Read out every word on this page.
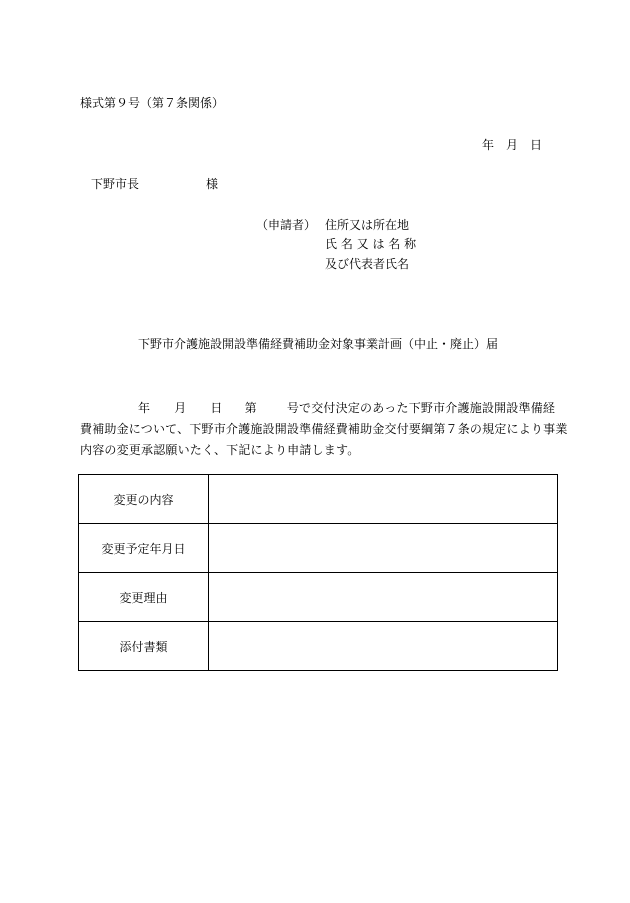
様式第９号（第７条関係）
年 月 日
下野市長	様
（申請者） 住所又は所在地
氏 名 又 は 名 称
及び代表者氏名
下野市介護施設開設準備経費補助金対象事業計画（中止・廃止）届
年 月 日 第	号で交付決定のあった下野市介護施設開設準備経
費補助金について、下野市介護施設開設準備経費補助金交付要綱第７条の規定により事業
内容の変更承認願いたく、下記により申請します。
変更の内容	
変更予定年月日	
変更理由	
添付書類	
